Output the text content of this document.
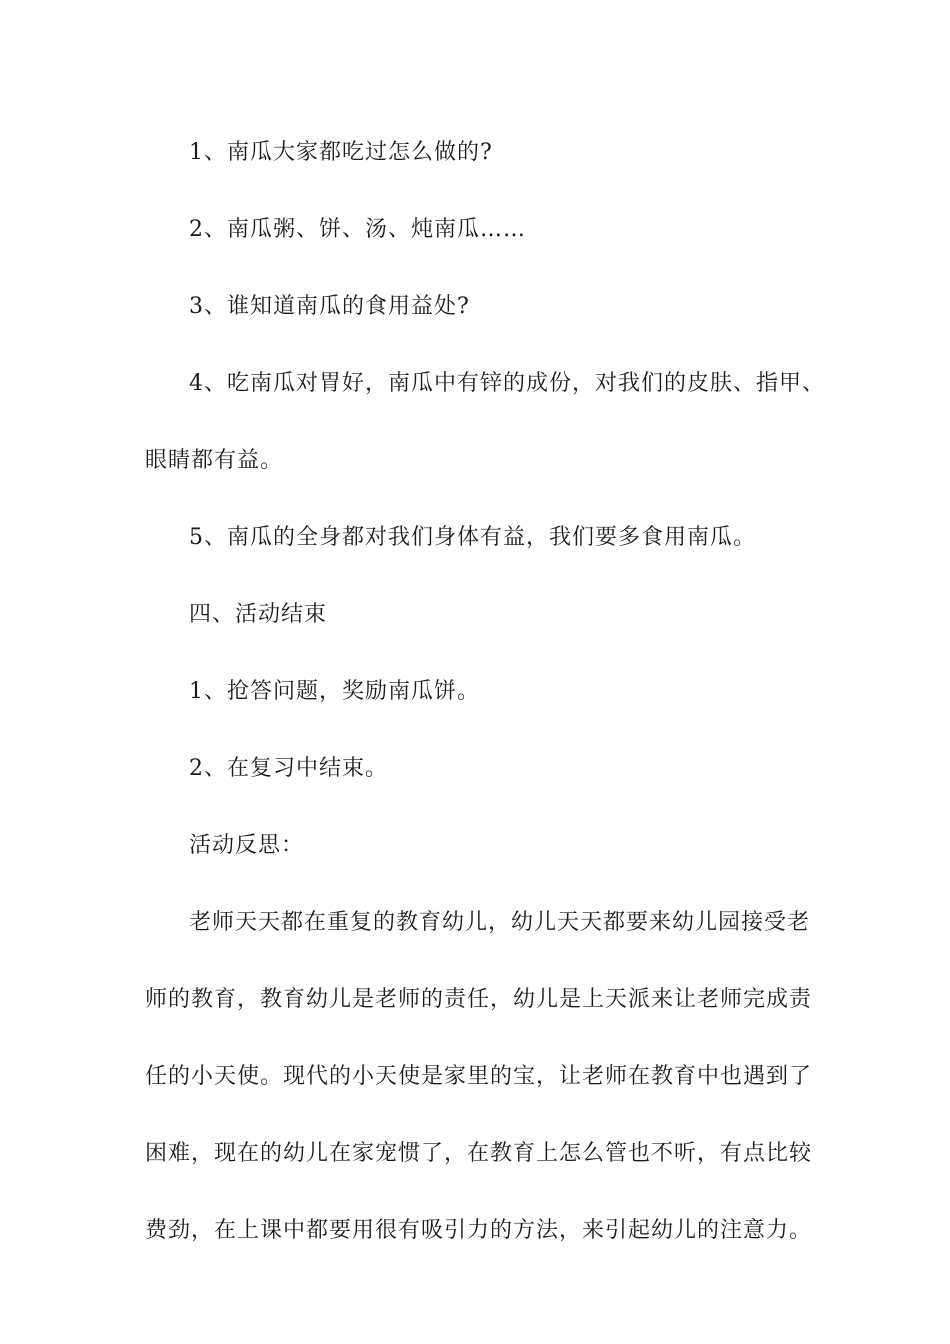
1、南瓜大家都吃过怎么做的?

2、南瓜粥、饼、汤、炖南瓜……

3、谁知道南瓜的食用益处?

4、吃南瓜对胃好，南瓜中有锌的成份，对我们的皮肤、指甲、

眼睛都有益。

5、南瓜的全身都对我们身体有益，我们要多食用南瓜。

四、活动结束

1、抢答问题，奖励南瓜饼。

2、在复习中结束。

活动反思：

老师天天都在重复的教育幼儿，幼儿天天都要来幼儿园接受老

师的教育，教育幼儿是老师的责任，幼儿是上天派来让老师完成责

任的小天使。现代的小天使是家里的宝，让老师在教育中也遇到了

困难，现在的幼儿在家宠惯了，在教育上怎么管也不听，有点比较

费劲，在上课中都要用很有吸引力的方法，来引起幼儿的注意力。
